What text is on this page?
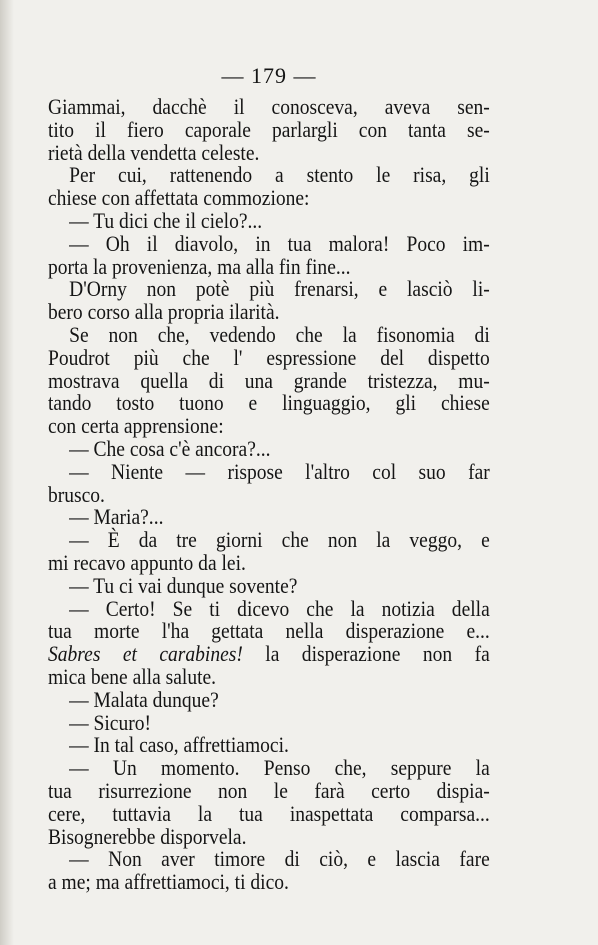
— 179 —
Giammai, dacchè il conosceva, aveva sen-
tito il fiero caporale parlargli con tanta se-
rietà della vendetta celeste.
Per cui, rattenendo a stento le risa, gli
chiese con affettata commozione:
— Tu dici che il cielo?...
— Oh il diavolo, in tua malora! Poco im-
porta la provenienza, ma alla fin fine...
D'Orny non potè più frenarsi, e lasciò li-
bero corso alla propria ilarità.
Se non che, vedendo che la fisonomia di
Poudrot più che l' espressione del dispetto
mostrava quella di una grande tristezza, mu-
tando tosto tuono e linguaggio, gli chiese
con certa apprensione:
— Che cosa c'è ancora?...
— Niente — rispose l'altro col suo far
brusco.
— Maria?...
— È da tre giorni che non la veggo, e
mi recavo appunto da lei.
— Tu ci vai dunque sovente?
— Certo! Se ti dicevo che la notizia della
tua morte l'ha gettata nella disperazione e...
Sabres et carabines! la disperazione non fa
mica bene alla salute.
— Malata dunque?
— Sicuro!
— In tal caso, affrettiamoci.
— Un momento. Penso che, seppure la
tua risurrezione non le farà certo dispia-
cere, tuttavia la tua inaspettata comparsa...
Bisognerebbe disporvela.
— Non aver timore di ciò, e lascia fare
a me; ma affrettiamoci, ti dico.
